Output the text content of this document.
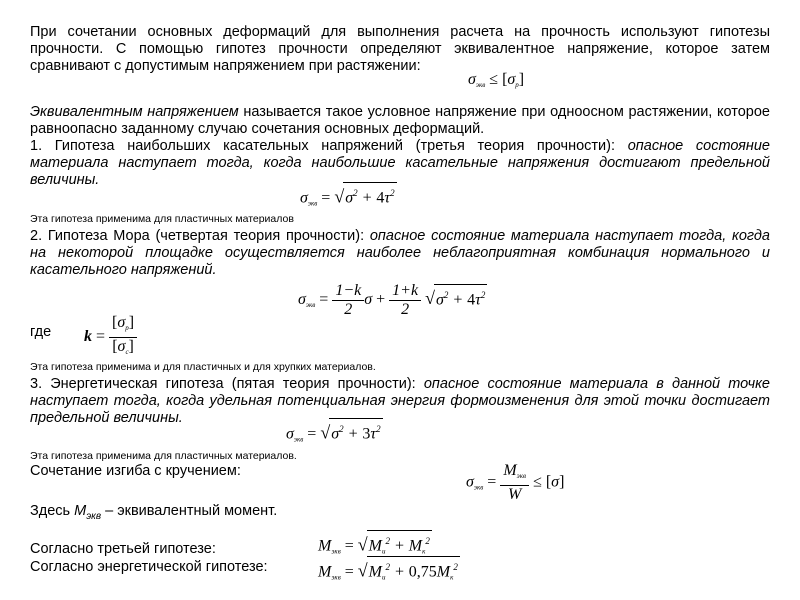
При сочетании основных деформаций для выполнения расчета на прочность используют гипотезы прочности. С помощью гипотез прочности определяют эквивалентное напряжение, которое затем сравнивают с допустимым напряжением при растяжении:
$\sigma_{экв} \le [\sigma_p]$
Эквивалентным напряжением называется такое условное напряжение при одноосном растяжении, которое равноопасно заданному случаю сочетания основных деформаций.
1. Гипотеза наибольших касательных напряжений (третья теория прочности): опасное состояние материала наступает тогда, когда наибольшие касательные напряжения достигают предельной величины.
$\sigma_{экв} = √\sigma^2 + 4\tau^2$
Эта гипотеза применима для пластичных материалов
2. Гипотеза Мора (четвертая теория прочности): опасное состояние материала наступает тогда, когда на некоторой площадке осуществляется наиболее неблагоприятная комбинация нормального и касательного напряжений.
$\sigma_{экв} = \frac{1-k}{2}$ $\sigma + \frac{1+k}{2} √\sigma^2 + 4\tau^2$
где $k = \frac{[\sigma_p]}{[\sigma_c]}$
Эта гипотеза применима и для пластичных и для хрупких материалов.
3. Энергетическая гипотеза (пятая теория прочности): опасное состояние материала в данной точке наступает тогда, когда удельная потенциальная энергия формоизменения для этой точки достигает предельной величины.
$\sigma_{экв} = √\sigma^2 + 3\tau^2$
Эта гипотеза применима для пластичных материалов.
Сочетание изгиба с кручением:
$\sigma_{экв} = \frac{M_{экв}}{W} \le [\sigma]$
Здесь $M_{экв}$ – эквивалентный момент.
Согласно третьей гипотезе:	$M_{экв} = √M_и^2 + M_к^2$
Согласно энергетической гипотезе:	$M_{экв} = √M_и^2 + 0,75M_к^2$
